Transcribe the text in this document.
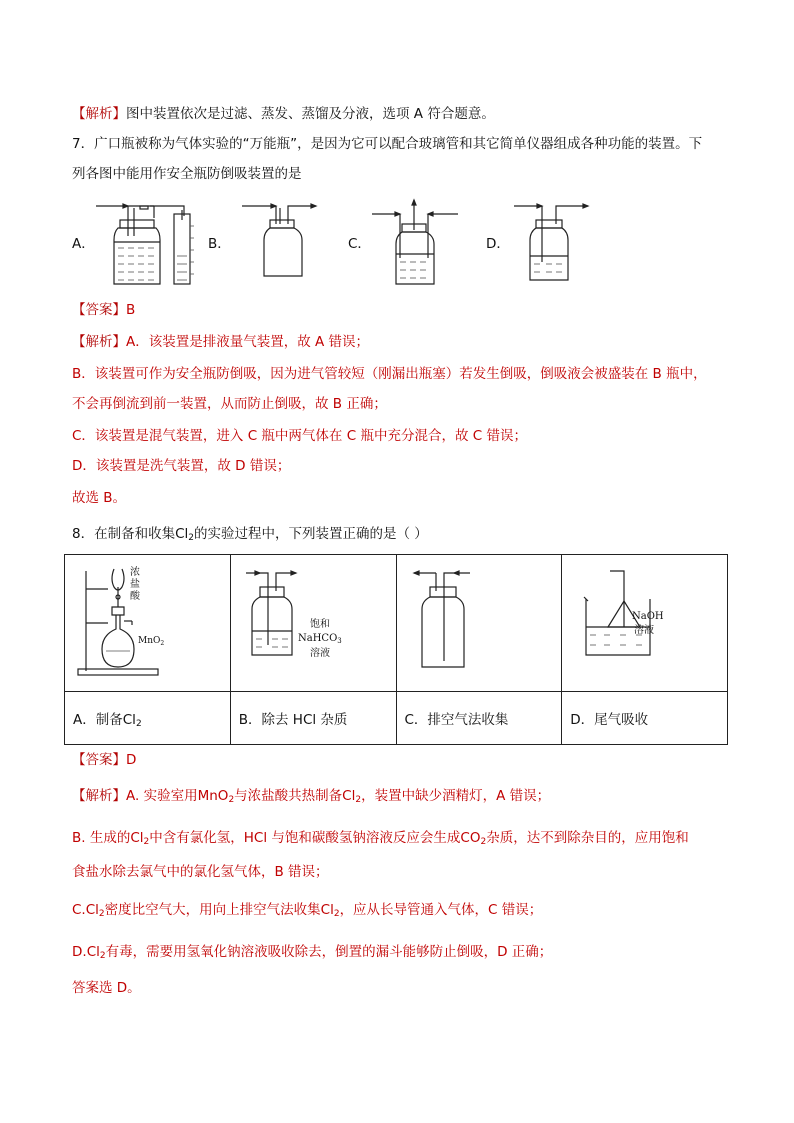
【解析】图中装置依次是过滤、蒸发、蒸馏及分液，选项 A 符合题意。
7．广口瓶被称为气体实验的“万能瓶”，是因为它可以配合玻璃管和其它简单仪器组成各种功能的装置。下
列各图中能用作安全瓶防倒吸装置的是
A．	B．	C．	D．
【答案】B
【解析】A．该装置是排液量气装置，故 A 错误；
B．该装置可作为安全瓶防倒吸，因为进气管较短（刚漏出瓶塞）若发生倒吸，倒吸液会被盛装在 B 瓶中，
不会再倒流到前一装置，从而防止倒吸，故 B 正确；
C．该装置是混气装置，进入 C 瓶中两气体在 C 瓶中充分混合，故 C 错误；
D．该装置是洗气装置，故 D 错误；
故选 B。
8．在制备和收集$Cl_2$的实验过程中，下列装置正确的是（ ）
浓
盐
酸
MnO$_2$	饱和
NaHCO$_3$
溶液		NaOH
溶液

A．制备$Cl_2$	B．除去 HCl 杂质	C．排空气法收集	D．尾气吸收
【答案】D
【解析】A. 实验室用MnO$_2$与浓盐酸共热制备$Cl_2$，装置中缺少酒精灯，A 错误；
B. 生成的$Cl_2$中含有氯化氢，HCl 与饱和碳酸氢钠溶液反应会生成$CO_2$杂质，达不到除杂目的，应用饱和
食盐水除去氯气中的氯化氢气体，B 错误；
$C.Cl_2$密度比空气大，用向上排空气法收集$Cl_2$，应从长导管通入气体，C 错误；
$D.Cl_2$有毒，需要用氢氧化钠溶液吸收除去，倒置的漏斗能够防止倒吸，D 正确；
答案选 D。
